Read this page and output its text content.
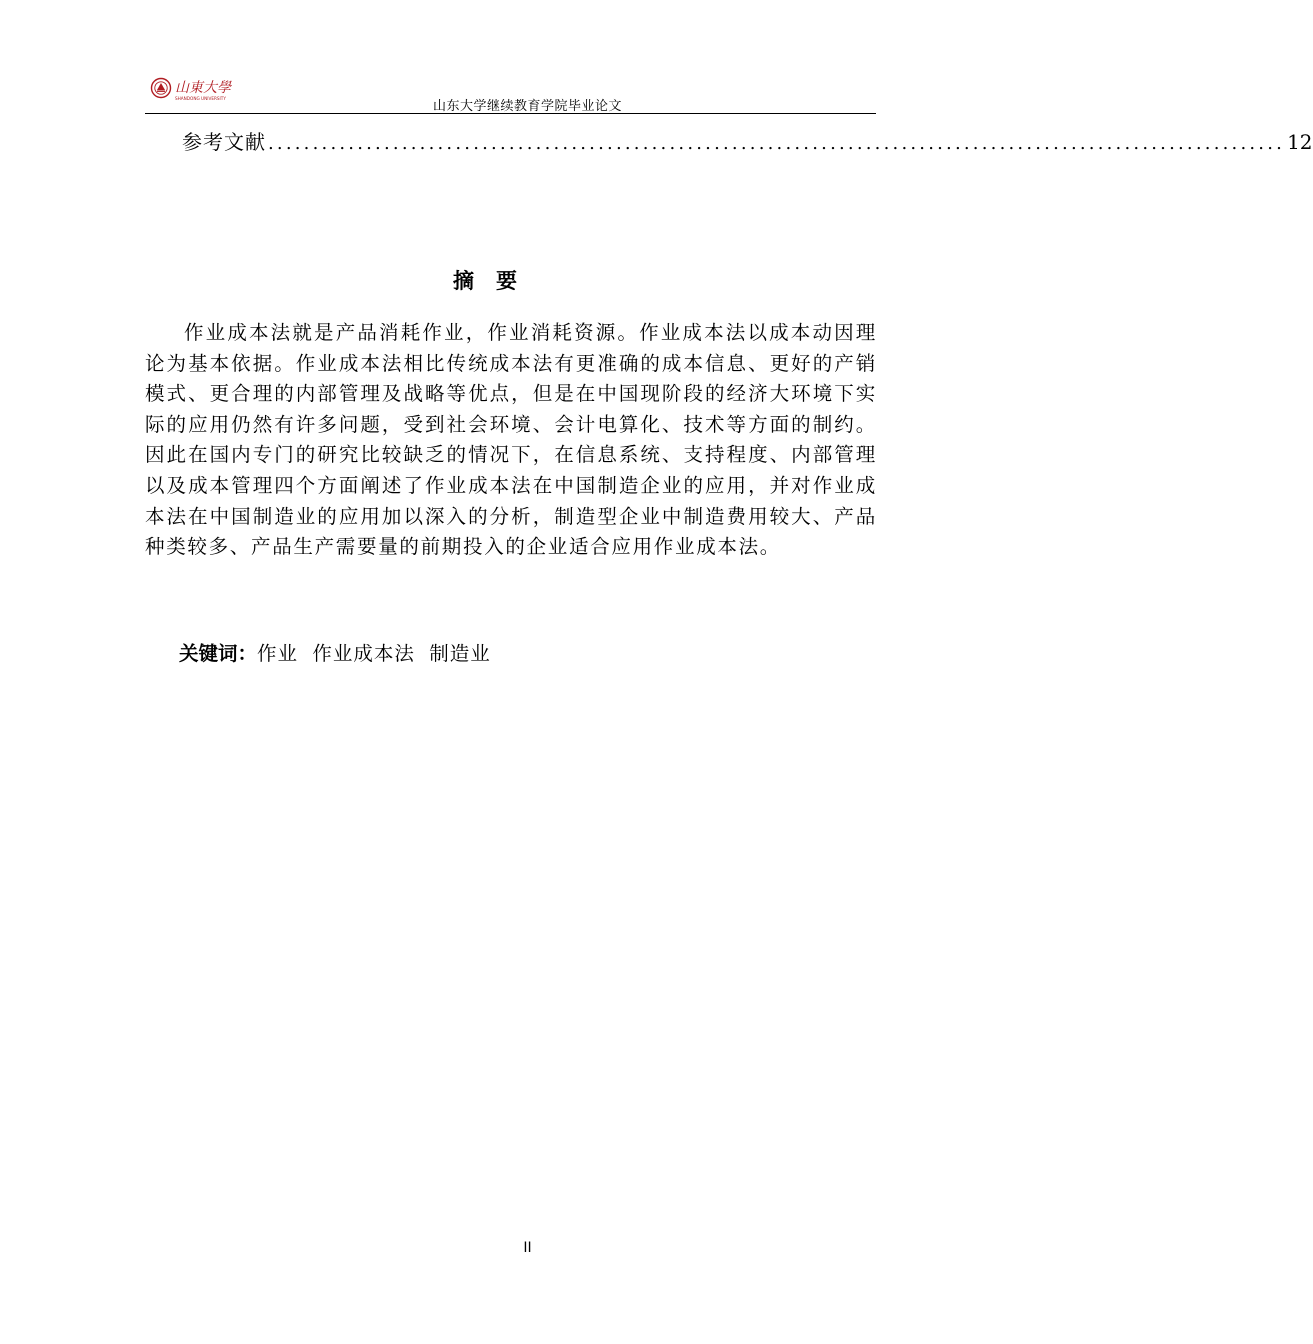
山東大學
SHANDONG UNIVERSITY
山东大学继续教育学院毕业论文
参考文献 .................................................................................................................. 12
摘要
作业成本法就是产品消耗作业，作业消耗资源。作业成本法以成本动因理论为基本依据。作业成本法相比传统成本法有更准确的成本信息、更好的产销模式、更合理的内部管理及战略等优点，但是在中国现阶段的经济大环境下实际的应用仍然有许多问题，受到社会环境、会计电算化、技术等方面的制约。因此在国内专门的研究比较缺乏的情况下，在信息系统、支持程度、内部管理以及成本管理四个方面阐述了作业成本法在中国制造企业的应用，并对作业成本法在中国制造业的应用加以深入的分析，制造型企业中制造费用较大、产品种类较多、产品生产需要量的前期投入的企业适合应用作业成本法。
关键词：作业  作业成本法  制造业
II
